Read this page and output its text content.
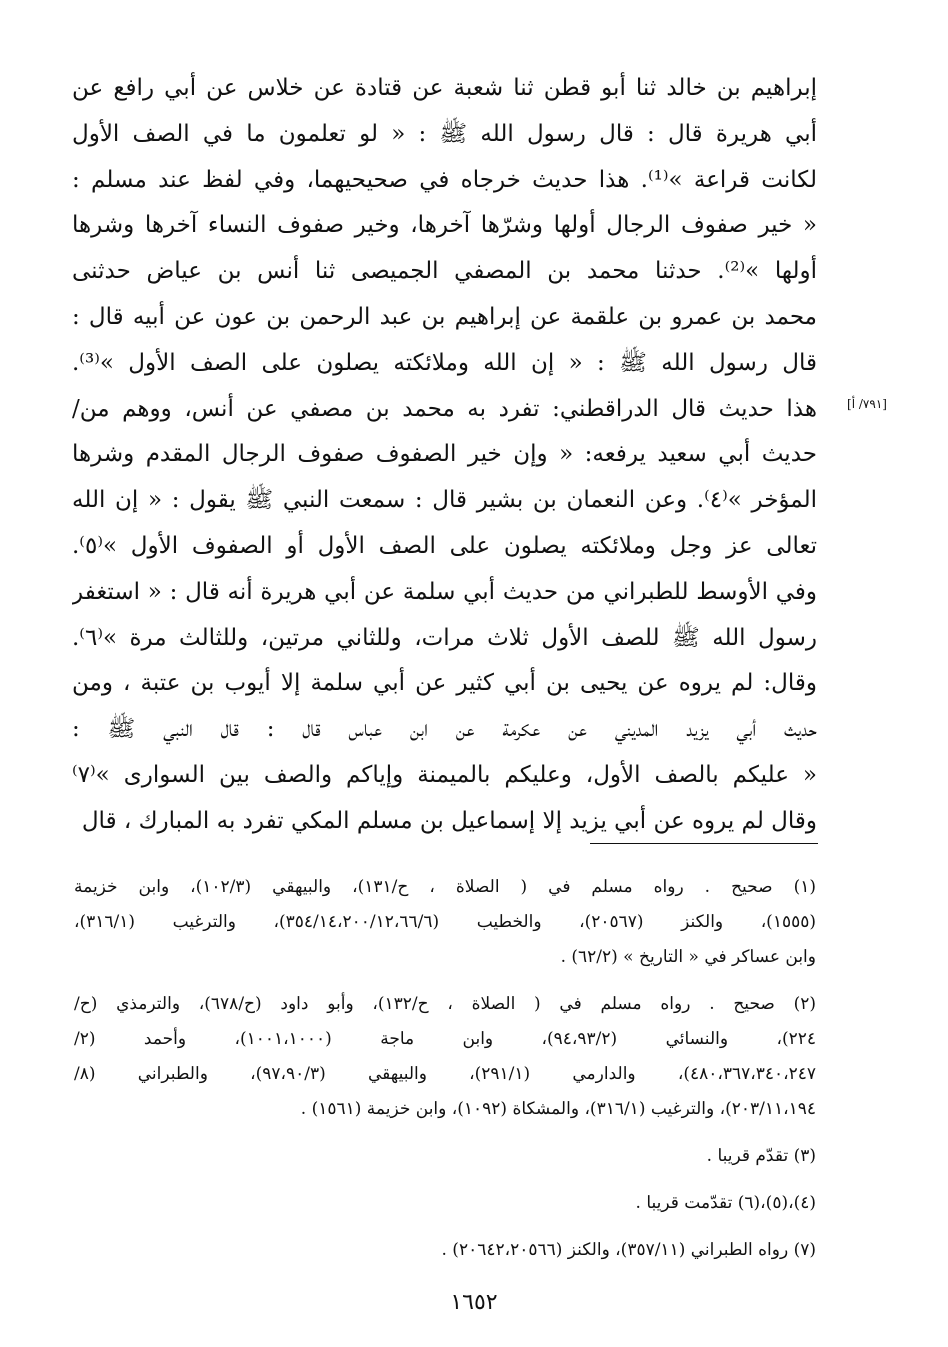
إبراهيم بن خالد ثنا أبو قطن ثنا شعبة عن قتادة عن خلاس عن أبي رافع عن
أبي هريرة قال : قال رسول الله ﷺ : « لو تعلمون ما في الصف الأول
لكانت قراعة »⁽¹⁾. هذا حديث خرجاه في صحيحيهما، وفي لفظ عند مسلم :
« خير صفوف الرجال أولها وشرّها آخرها، وخير صفوف النساء آخرها وشرها
أولها »⁽²⁾. حدثنا محمد بن المصفي الجميصى ثنا أنس بن عياض حدثنى
محمد بن عمرو بن علقمة عن إبراهيم بن عبد الرحمن بن عون عن أبيه قال :
قال رسول الله ﷺ : « إن الله وملائكته يصلون على الصف الأول »⁽³⁾.
هذا حديث قال الدراقطني: تفرد به محمد بن مصفي عن أنس، ووهم من/
حديث أبي سعيد يرفعه: « وإن خير الصفوف صفوف الرجال المقدم وشرها
المؤخر »⁽٤⁾. وعن النعمان بن بشير قال : سمعت النبي ﷺ يقول : « إن الله
تعالى عز وجل وملائكته يصلون على الصف الأول أو الصفوف الأول »⁽٥⁾.
وفي الأوسط للطبراني من حديث أبي سلمة عن أبي هريرة أنه قال : « استغفر
رسول الله ﷺ للصف الأول ثلاث مرات، وللثاني مرتين، وللثالث مرة »⁽٦⁾.
وقال: لم يروه عن يحيى بن أبي كثير عن أبي سلمة إلا أيوب بن عتبة ، ومن
حديث أبي يزيد المديني عن عكرمة عن ابن عباس قال : قال النبي ﷺ :
« عليكم بالصف الأول، وعليكم بالميمنة وإياكم والصف بين السوارى »⁽٧⁾
وقال لم يروه عن أبي يزيد إلا إسماعيل بن مسلم المكي تفرد به المبارك ، قال
[٧٩١/ أ]
(١) صحيح . رواه مسلم في ( الصلاة ، ح/١٣١)، والبيهقي (١٠٢/٣)، وابن خزيمة
(١٥٥٥)، والكنز (٢٠٥٦٧)، والخطيب (٣٥٤/١٤،٢٠٠/١٢،٦٦/٦)، والترغيب (٣١٦/١)،
وابن عساكر في « التاريخ » (٦٢/٢) .
(٢) صحيح . رواه مسلم في ( الصلاة ، ح/١٣٢)، وأبو داود (ح/٦٧٨)، والترمذي (ح/
٢٢٤)، والنسائي (٩٤،٩٣/٢)، وابن ماجة (١٠٠١،١٠٠٠)، وأحمد (٢/
٤٨٠،٣٦٧،٣٤٠،٢٤٧)، والدارمي (٢٩١/١)، والبيهقي (٩٧،٩٠/٣)، والطبراني (٨/
٢٠٣/١١،١٩٤)، والترغيب (٣١٦/١)، والمشكاة (١٠٩٢)، وابن خزيمة (١٥٦١) .
(٣) تقدّم قريبا .
(٤)،(٥)،(٦) تقدّمت قريبا .
(٧) رواه الطبراني (٣٥٧/١١)، والكنز (٢٠٦٤٢،٢٠٥٦٦) .
١٦٥٢
